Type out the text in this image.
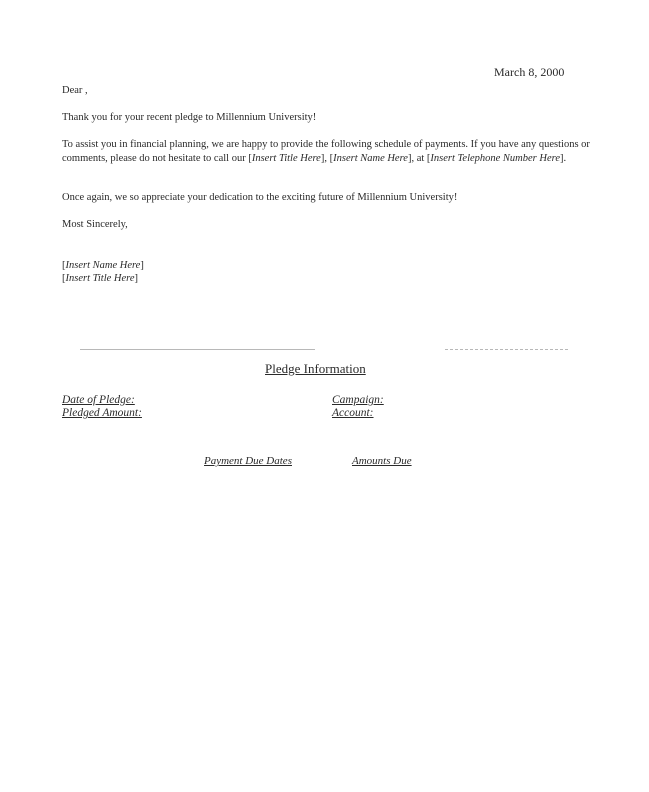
March 8, 2000
Dear ,
Thank you for your recent pledge to Millennium University!
To assist you in financial planning, we are happy to provide the following schedule of payments. If you have any questions or comments, please do not hesitate to call our [Insert Title Here], [Insert Name Here], at [Insert Telephone Number Here].
Once again, we so appreciate your dedication to the exciting future of Millennium University!
Most Sincerely,
[Insert Name Here]
[Insert Title Here]
Pledge Information
Date of Pledge:
Pledged Amount:
Campaign:
Account:
Payment Due Dates	Amounts Due
